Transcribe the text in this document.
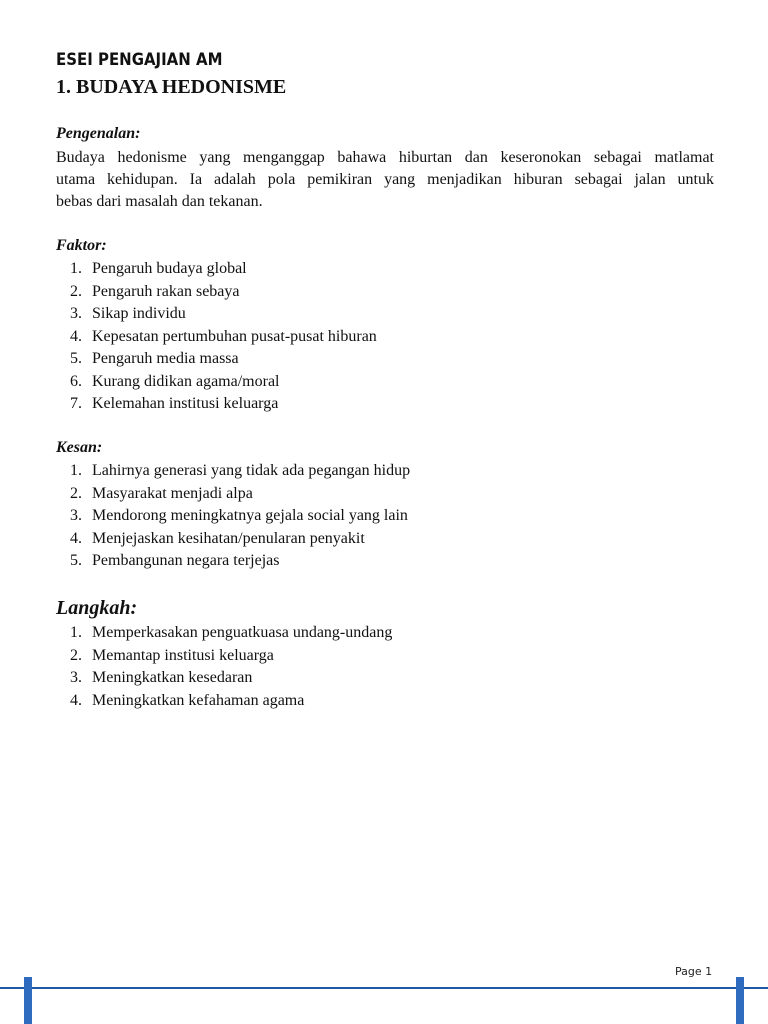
ESEI PENGAJIAN AM
1. BUDAYA HEDONISME
Pengenalan:
Budaya hedonisme yang menganggap bahawa hiburtan dan keseronokan sebagai matlamat
utama kehidupan. Ia adalah pola pemikiran yang menjadikan hiburan sebagai jalan untuk
bebas dari masalah dan tekanan.
Faktor:
1. Pengaruh budaya global
2. Pengaruh rakan sebaya
3. Sikap individu
4. Kepesatan pertumbuhan pusat-pusat hiburan
5. Pengaruh media massa
6. Kurang didikan agama/moral
7. Kelemahan institusi keluarga
Kesan:
1. Lahirnya generasi yang tidak ada pegangan hidup
2. Masyarakat menjadi alpa
3. Mendorong meningkatnya gejala social yang lain
4. Menjejaskan kesihatan/penularan penyakit
5. Pembangunan negara terjejas
Langkah:
1. Memperkasakan penguatkuasa undang-undang
2. Memantap institusi keluarga
3. Meningkatkan kesedaran
4. Meningkatkan kefahaman agama
Page 1
